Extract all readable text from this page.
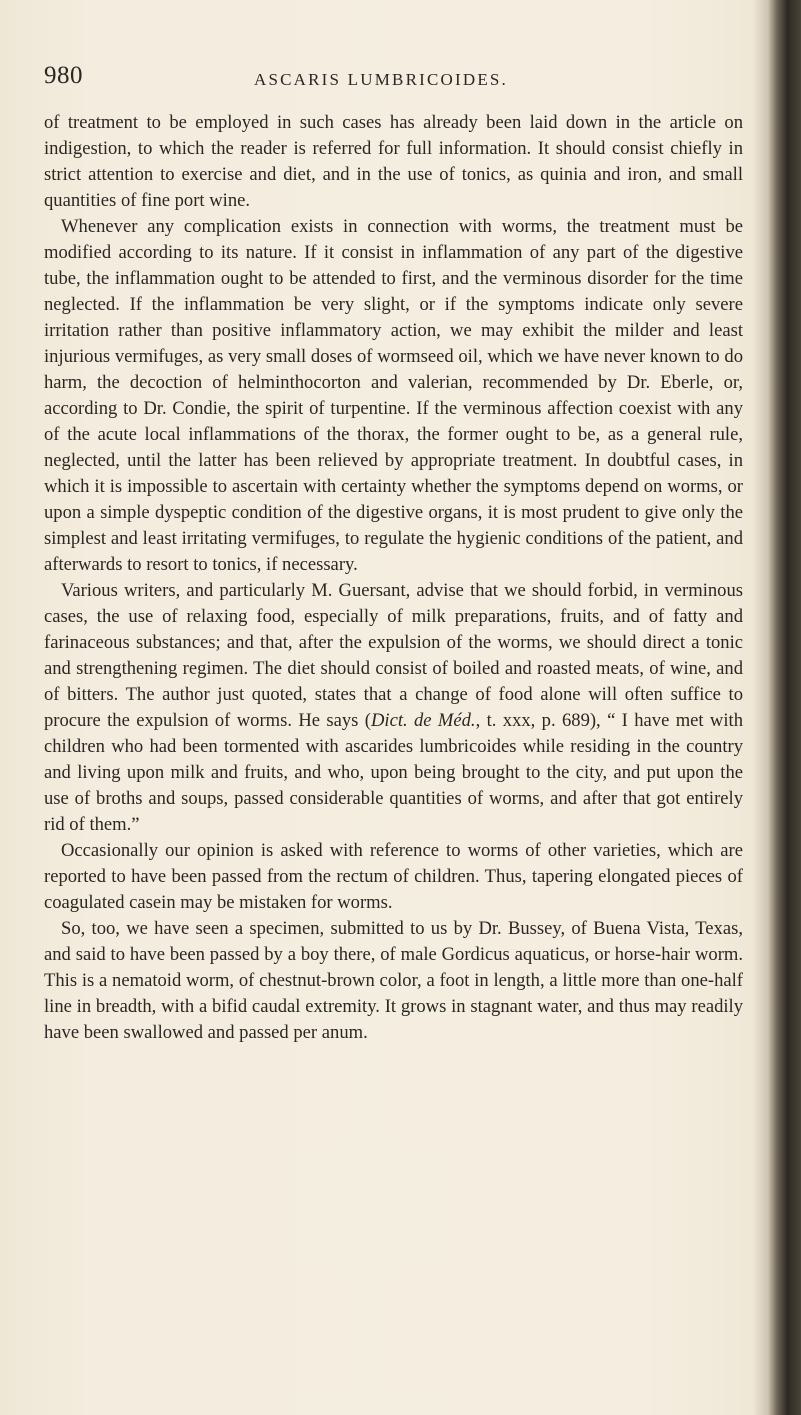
980	ASCARIS LUMBRICOIDES.

of treatment to be employed in such cases has already been laid down in the article on indigestion, to which the reader is referred for full information. It should consist chiefly in strict attention to exercise and diet, and in the use of tonics, as quinia and iron, and small quantities of fine port wine.

Whenever any complication exists in connection with worms, the treatment must be modified according to its nature. If it consist in inflammation of any part of the digestive tube, the inflammation ought to be attended to first, and the verminous disorder for the time neglected. If the inflammation be very slight, or if the symptoms indicate only severe irritation rather than positive inflammatory action, we may exhibit the milder and least injurious vermifuges, as very small doses of wormseed oil, which we have never known to do harm, the decoction of helminthocorton and valerian, recommended by Dr. Eberle, or, according to Dr. Condie, the spirit of turpentine. If the verminous affection coexist with any of the acute local inflammations of the thorax, the former ought to be, as a general rule, neglected, until the latter has been relieved by appropriate treatment. In doubtful cases, in which it is impossible to ascertain with certainty whether the symptoms depend on worms, or upon a simple dyspeptic condition of the digestive organs, it is most prudent to give only the simplest and least irritating vermifuges, to regulate the hygienic conditions of the patient, and afterwards to resort to tonics, if necessary.

Various writers, and particularly M. Guersant, advise that we should forbid, in verminous cases, the use of relaxing food, especially of milk preparations, fruits, and of fatty and farinaceous substances; and that, after the expulsion of the worms, we should direct a tonic and strengthening regimen. The diet should consist of boiled and roasted meats, of wine, and of bitters. The author just quoted, states that a change of food alone will often suffice to procure the expulsion of worms. He says (Dict. de Méd., t. xxx, p. 689), “ I have met with children who had been tormented with ascarides lumbricoides while residing in the country and living upon milk and fruits, and who, upon being brought to the city, and put upon the use of broths and soups, passed considerable quantities of worms, and after that got entirely rid of them.”

Occasionally our opinion is asked with reference to worms of other varieties, which are reported to have been passed from the rectum of children. Thus, tapering elongated pieces of coagulated casein may be mistaken for worms.

So, too, we have seen a specimen, submitted to us by Dr. Bussey, of Buena Vista, Texas, and said to have been passed by a boy there, of male Gordicus aquaticus, or horse-hair worm. This is a nematoid worm, of chestnut-brown color, a foot in length, a little more than one-half line in breadth, with a bifid caudal extremity. It grows in stagnant water, and thus may readily have been swallowed and passed per anum.
